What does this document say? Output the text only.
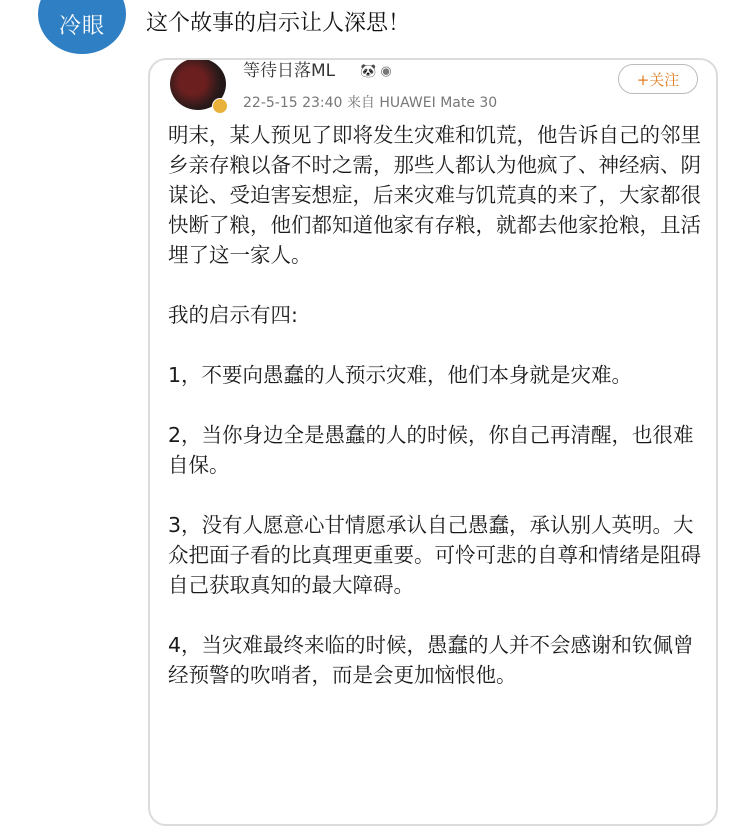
冷眼 这个故事的启示让人深思！
等待日落ML 🐼 ◉
22-5-15 23:40 来自 HUAWEI Mate 30
+关注

明末，某人预见了即将发生灾难和饥荒，他告诉自己的邻里乡亲存粮以备不时之需，那些人都认为他疯了、神经病、阴谋论、受迫害妄想症，后来灾难与饥荒真的来了，大家都很快断了粮，他们都知道他家有存粮，就都去他家抢粮，且活埋了这一家人。

我的启示有四:

1，不要向愚蠢的人预示灾难，他们本身就是灾难。

2，当你身边全是愚蠢的人的时候，你自己再清醒，也很难自保。

3，没有人愿意心甘情愿承认自己愚蠢，承认别人英明。大众把面子看的比真理更重要。可怜可悲的自尊和情绪是阻碍自己获取真知的最大障碍。

4，当灾难最终来临的时候，愚蠢的人并不会感谢和钦佩曾经预警的吹哨者，而是会更加恼恨他。
